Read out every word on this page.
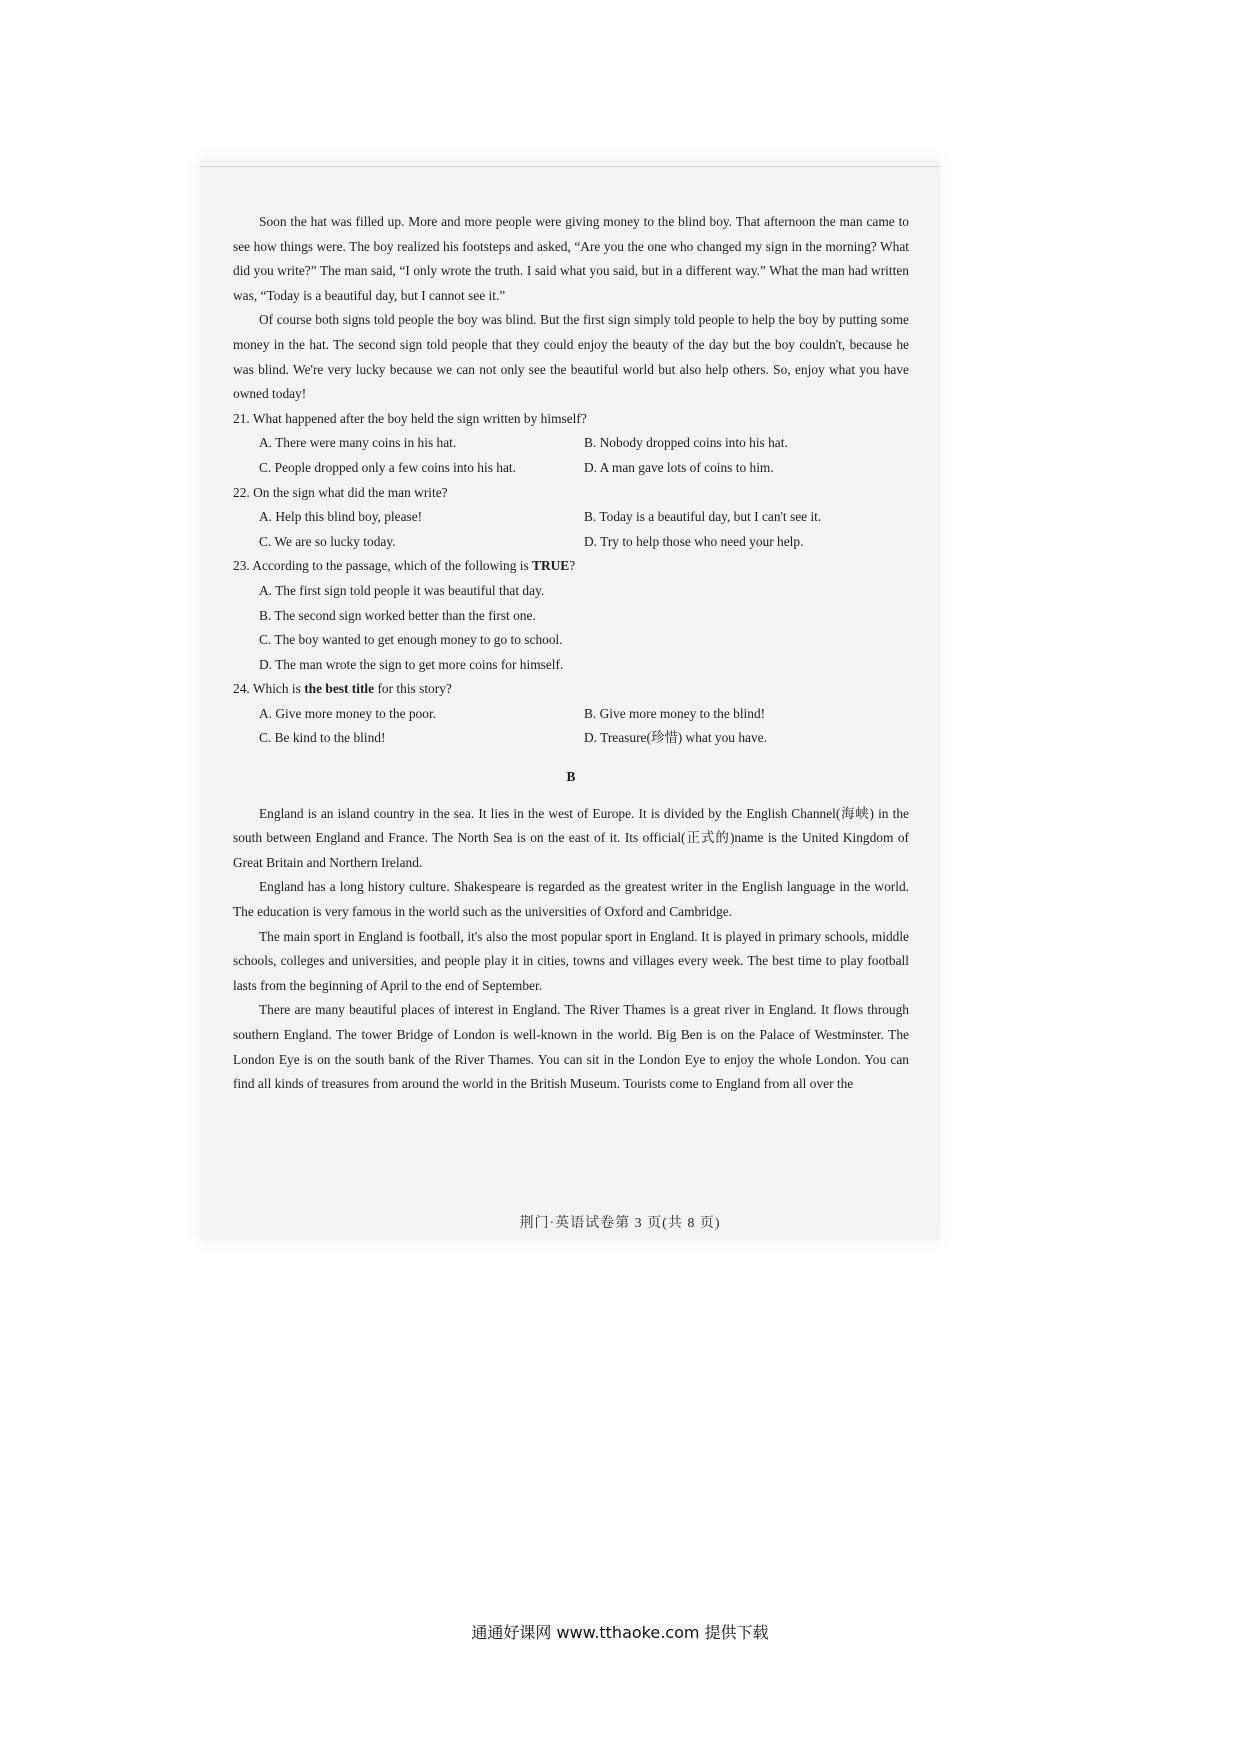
Soon the hat was filled up. More and more people were giving money to the blind boy. That afternoon the man came to see how things were. The boy realized his footsteps and asked, “Are you the one who changed my sign in the morning? What did you write?” The man said, “I only wrote the truth. I said what you said, but in a different way.” What the man had written was, “Today is a beautiful day, but I cannot see it.”

Of course both signs told people the boy was blind. But the first sign simply told people to help the boy by putting some money in the hat. The second sign told people that they could enjoy the beauty of the day but the boy couldn't, because he was blind. We're very lucky because we can not only see the beautiful world but also help others. So, enjoy what you have owned today!

21. What happened after the boy held the sign written by himself?
A. There were many coins in his hat.	B. Nobody dropped coins into his hat.
C. People dropped only a few coins into his hat.	D. A man gave lots of coins to him.
22. On the sign what did the man write?
A. Help this blind boy, please!	B. Today is a beautiful day, but I can't see it.
C. We are so lucky today.	D. Try to help those who need your help.
23. According to the passage, which of the following is TRUE?
A. The first sign told people it was beautiful that day.
B. The second sign worked better than the first one.
C. The boy wanted to get enough money to go to school.
D. The man wrote the sign to get more coins for himself.
24. Which is the best title for this story?
A. Give more money to the poor.	B. Give more money to the blind!
C. Be kind to the blind!	D. Treasure(珍惜) what you have.
B

England is an island country in the sea. It lies in the west of Europe. It is divided by the English Channel(海峡) in the south between England and France. The North Sea is on the east of it. Its official(正式的)name is the United Kingdom of Great Britain and Northern Ireland.

England has a long history culture. Shakespeare is regarded as the greatest writer in the English language in the world. The education is very famous in the world such as the universities of Oxford and Cambridge.

The main sport in England is football, it's also the most popular sport in England. It is played in primary schools, middle schools, colleges and universities, and people play it in cities, towns and villages every week. The best time to play football lasts from the beginning of April to the end of September.

There are many beautiful places of interest in England. The River Thames is a great river in England. It flows through southern England. The tower Bridge of London is well-known in the world. Big Ben is on the Palace of Westminster. The London Eye is on the south bank of the River Thames. You can sit in the London Eye to enjoy the whole London. You can find all kinds of treasures from around the world in the British Museum. Tourists come to England from all over the

荆门·英语试卷第 3 页(共 8 页)
通通好课网 www.tthaoke.com 提供下载
